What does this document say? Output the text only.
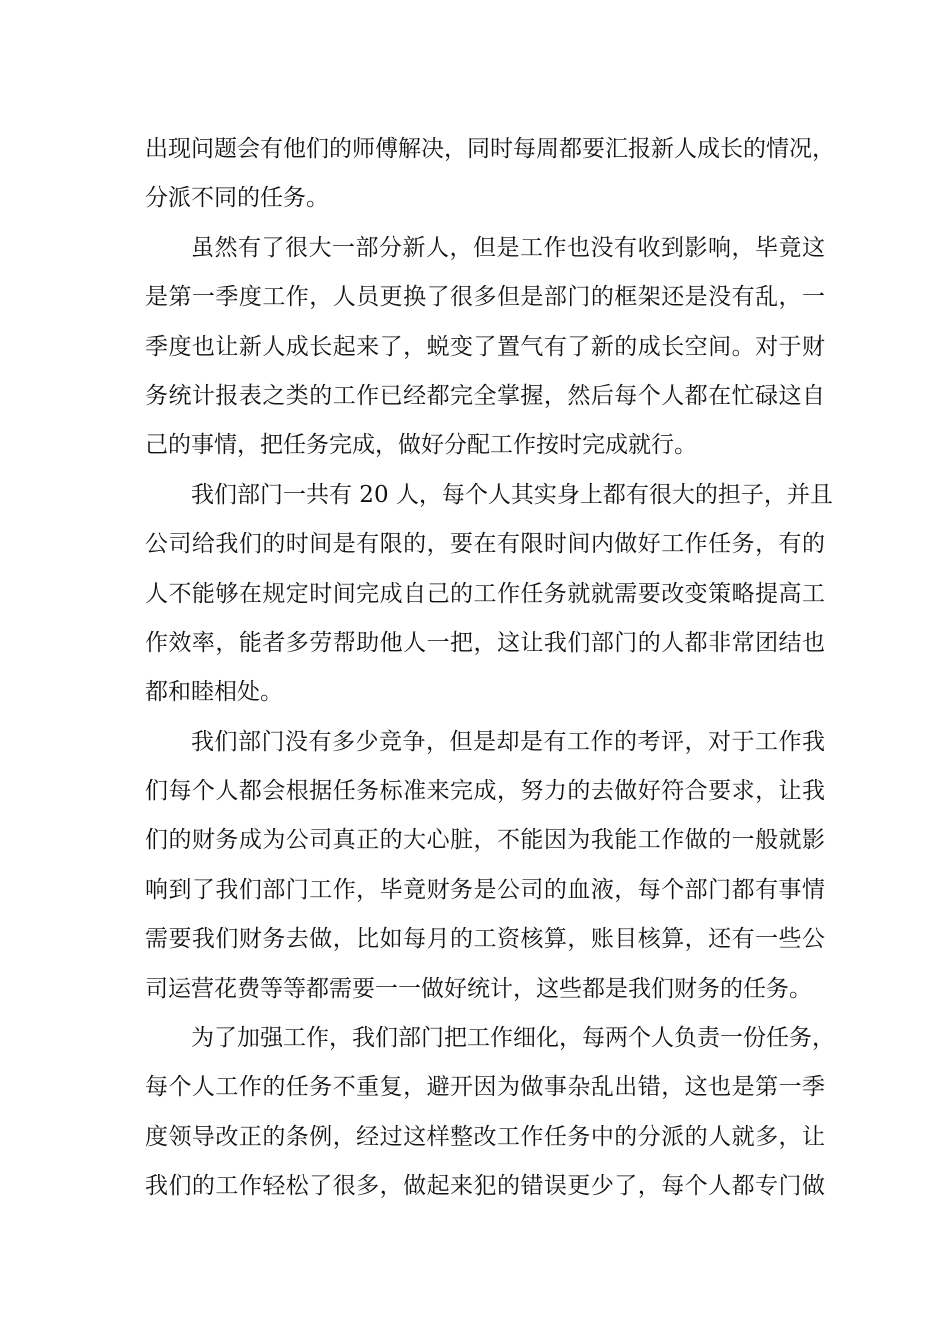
出现问题会有他们的师傅解决，同时每周都要汇报新人成长的情况，
分派不同的任务。
虽然有了很大一部分新人，但是工作也没有收到影响，毕竟这
是第一季度工作，人员更换了很多但是部门的框架还是没有乱，一
季度也让新人成长起来了，蜕变了置气有了新的成长空间。对于财
务统计报表之类的工作已经都完全掌握，然后每个人都在忙碌这自
己的事情，把任务完成，做好分配工作按时完成就行。
我们部门一共有 20 人，每个人其实身上都有很大的担子，并且
公司给我们的时间是有限的，要在有限时间内做好工作任务，有的
人不能够在规定时间完成自己的工作任务就就需要改变策略提高工
作效率，能者多劳帮助他人一把，这让我们部门的人都非常团结也
都和睦相处。
我们部门没有多少竞争，但是却是有工作的考评，对于工作我
们每个人都会根据任务标准来完成，努力的去做好符合要求，让我
们的财务成为公司真正的大心脏，不能因为我能工作做的一般就影
响到了我们部门工作，毕竟财务是公司的血液，每个部门都有事情
需要我们财务去做，比如每月的工资核算，账目核算，还有一些公
司运营花费等等都需要一一做好统计，这些都是我们财务的任务。
为了加强工作，我们部门把工作细化，每两个人负责一份任务，
每个人工作的任务不重复，避开因为做事杂乱出错，这也是第一季
度领导改正的条例，经过这样整改工作任务中的分派的人就多，让
我们的工作轻松了很多，做起来犯的错误更少了，每个人都专门做
